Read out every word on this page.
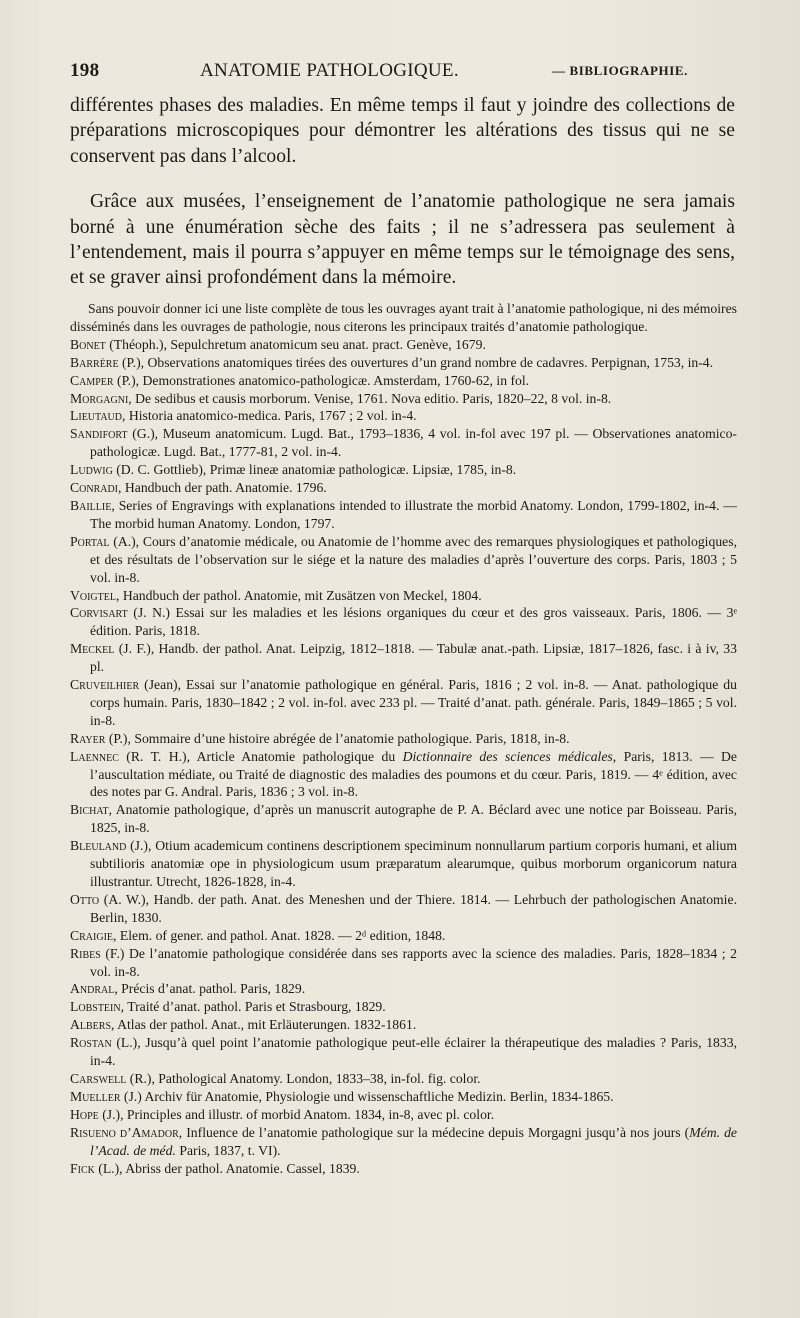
198	ANATOMIE PATHOLOGIQUE.	— BIBLIOGRAPHIE.

différentes phases des maladies. En même temps il faut y joindre des collections de préparations microscopiques pour démontrer les altérations des tissus qui ne se conservent pas dans l’alcool.

Grâce aux musées, l’enseignement de l’anatomie pathologique ne sera jamais borné à une énumération sèche des faits ; il ne s’adressera pas seulement à l’entendement, mais il pourra s’appuyer en même temps sur le témoignage des sens, et se graver ainsi profondément dans la mémoire.

Sans pouvoir donner ici une liste complète de tous les ouvrages ayant trait à l’anatomie pathologique, ni des mémoires disséminés dans les ouvrages de pathologie, nous citerons les principaux traités d’anatomie pathologique.

Bonet (Théoph.), Sepulchretum anatomicum seu anat. pract. Genève, 1679.
Barrère (P.), Observations anatomiques tirées des ouvertures d’un grand nombre de cadavres. Perpignan, 1753, in-4.
Camper (P.), Demonstrationes anatomico-pathologicæ. Amsterdam, 1760-62, in fol.
Morgagni, De sedibus et causis morborum. Venise, 1761. Nova editio. Paris, 1820–22, 8 vol. in-8.
Lieutaud, Historia anatomico-medica. Paris, 1767 ; 2 vol. in-4.
Sandifort (G.), Museum anatomicum. Lugd. Bat., 1793–1836, 4 vol. in-fol avec 197 pl. — Observationes anatomico-pathologicæ. Lugd. Bat., 1777-81, 2 vol. in-4.
Ludwig (D. C. Gottlieb), Primæ lineæ anatomiæ pathologicæ. Lipsiæ, 1785, in-8.
Conradi, Handbuch der path. Anatomie. 1796.
Baillie, Series of Engravings with explanations intended to illustrate the morbid Anatomy. London, 1799-1802, in-4. — The morbid human Anatomy. London, 1797.
Portal (A.), Cours d’anatomie médicale, ou Anatomie de l’homme avec des remarques physiologiques et pathologiques, et des résultats de l’observation sur le siége et la nature des maladies d’après l’ouverture des corps. Paris, 1803 ; 5 vol. in-8.
Voigtel, Handbuch der pathol. Anatomie, mit Zusätzen von Meckel, 1804.
Corvisart (J. N.) Essai sur les maladies et les lésions organiques du cœur et des gros vaisseaux. Paris, 1806. — 3ᵉ édition. Paris, 1818.
Meckel (J. F.), Handb. der pathol. Anat. Leipzig, 1812–1818. — Tabulæ anat.-path. Lipsiæ, 1817–1826, fasc. i à iv, 33 pl.
Cruveilhier (Jean), Essai sur l’anatomie pathologique en général. Paris, 1816 ; 2 vol. in-8. — Anat. pathologique du corps humain. Paris, 1830–1842 ; 2 vol. in-fol. avec 233 pl. — Traité d’anat. path. générale. Paris, 1849–1865 ; 5 vol. in-8.
Rayer (P.), Sommaire d’une histoire abrégée de l’anatomie pathologique. Paris, 1818, in-8.
Laennec (R. T. H.), Article Anatomie pathologique du Dictionnaire des sciences médicales, Paris, 1813. — De l’auscultation médiate, ou Traité de diagnostic des maladies des poumons et du cœur. Paris, 1819. — 4ᵉ édition, avec des notes par G. Andral. Paris, 1836 ; 3 vol. in-8.
Bichat, Anatomie pathologique, d’après un manuscrit autographe de P. A. Béclard avec une notice par Boisseau. Paris, 1825, in-8.
Bleuland (J.), Otium academicum continens descriptionem speciminum nonnullarum partium corporis humani, et alium subtilioris anatomiæ ope in physiologicum usum præparatum alearumque, quibus morborum organicorum natura illustrantur. Utrecht, 1826-1828, in-4.
Otto (A. W.), Handb. der path. Anat. des Meneshen und der Thiere. 1814. — Lehrbuch der pathologischen Anatomie. Berlin, 1830.
Craigie, Elem. of gener. and pathol. Anat. 1828. — 2ᵈ edition, 1848.
Ribes (F.) De l’anatomie pathologique considérée dans ses rapports avec la science des maladies. Paris, 1828–1834 ; 2 vol. in-8.
Andral, Précis d’anat. pathol. Paris, 1829.
Lobstein, Traité d’anat. pathol. Paris et Strasbourg, 1829.
Albers, Atlas der pathol. Anat., mit Erläuterungen. 1832-1861.
Rostan (L.), Jusqu’à quel point l’anatomie pathologique peut-elle éclairer la thérapeutique des maladies ? Paris, 1833, in-4.
Carswell (R.), Pathological Anatomy. London, 1833–38, in-fol. fig. color.
Mueller (J.) Archiv für Anatomie, Physiologie und wissenschaftliche Medizin. Berlin, 1834-1865.
Hope (J.), Principles and illustr. of morbid Anatom. 1834, in-8, avec pl. color.
Risueno d’Amador, Influence de l’anatomie pathologique sur la médecine depuis Morgagni jusqu’à nos jours (Mém. de l’Acad. de méd. Paris, 1837, t. VI).
Fick (L.), Abriss der pathol. Anatomie. Cassel, 1839.
